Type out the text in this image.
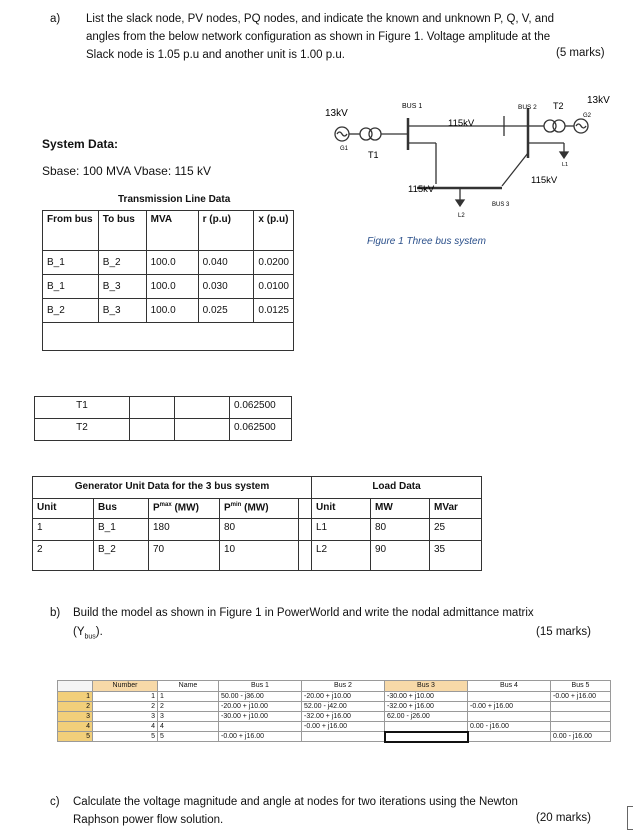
a) List the slack node, PV nodes, PQ nodes, and indicate the known and unknown P, Q, V, and
angles from the below network configuration as shown in Figure 1. Voltage amplitude at the
Slack node is 1.05 p.u and another unit is 1.00 p.u.	(5 marks)
System Data:
Sbase: 100 MVA Vbase: 115 kV
Transmission Line Data
From bus	To bus	MVA	r (p.u)	x (p.u)
B_1	B_2	100.0	0.040	0.0200
B_1	B_3	100.0	0.030	0.0100
B_2	B_3	100.0	0.025	0.0125

T1			0.062500
T2			0.062500
Generator Unit Data for the 3 bus system					Load Data		
Unit	Bus	$P^{max}$ (MW)	$P^{min}$ (MW)		Unit	MW	MVar
1	B_1	180	80		L1	80	25
2	B_2	70	10		L2	90	35
13kV
G1
T1
BUS 1
115kV
115kV
BUS 2 T2 13kV
G2
L1
115kV
BUS 3
L2
Figure 1 Three bus system
b) Build the model as shown in Figure 1 in PowerWorld and write the nodal admittance matrix
$(Y_{bus})$.	(15 marks)
	Number	Name	Bus 1	Bus 2	Bus 3	Bus 4	Bus 5
1	1	1	50.00 - j36.00	-20.00 + j10.00	-30.00 + j10.00		-0.00 + j16.00
2	2	2	-20.00 + j10.00	52.00 - j42.00	-32.00 + j16.00	-0.00 + j16.00	
3	3	3	-30.00 + j10.00	-32.00 + j16.00	62.00 - j26.00		
4	4	4		-0.00 + j16.00		0.00 - j16.00	
5	5	5	-0.00 + j16.00				0.00 - j16.00
c) Calculate the voltage magnitude and angle at nodes for two iterations using the Newton
Raphson power flow solution.	(20 marks)
